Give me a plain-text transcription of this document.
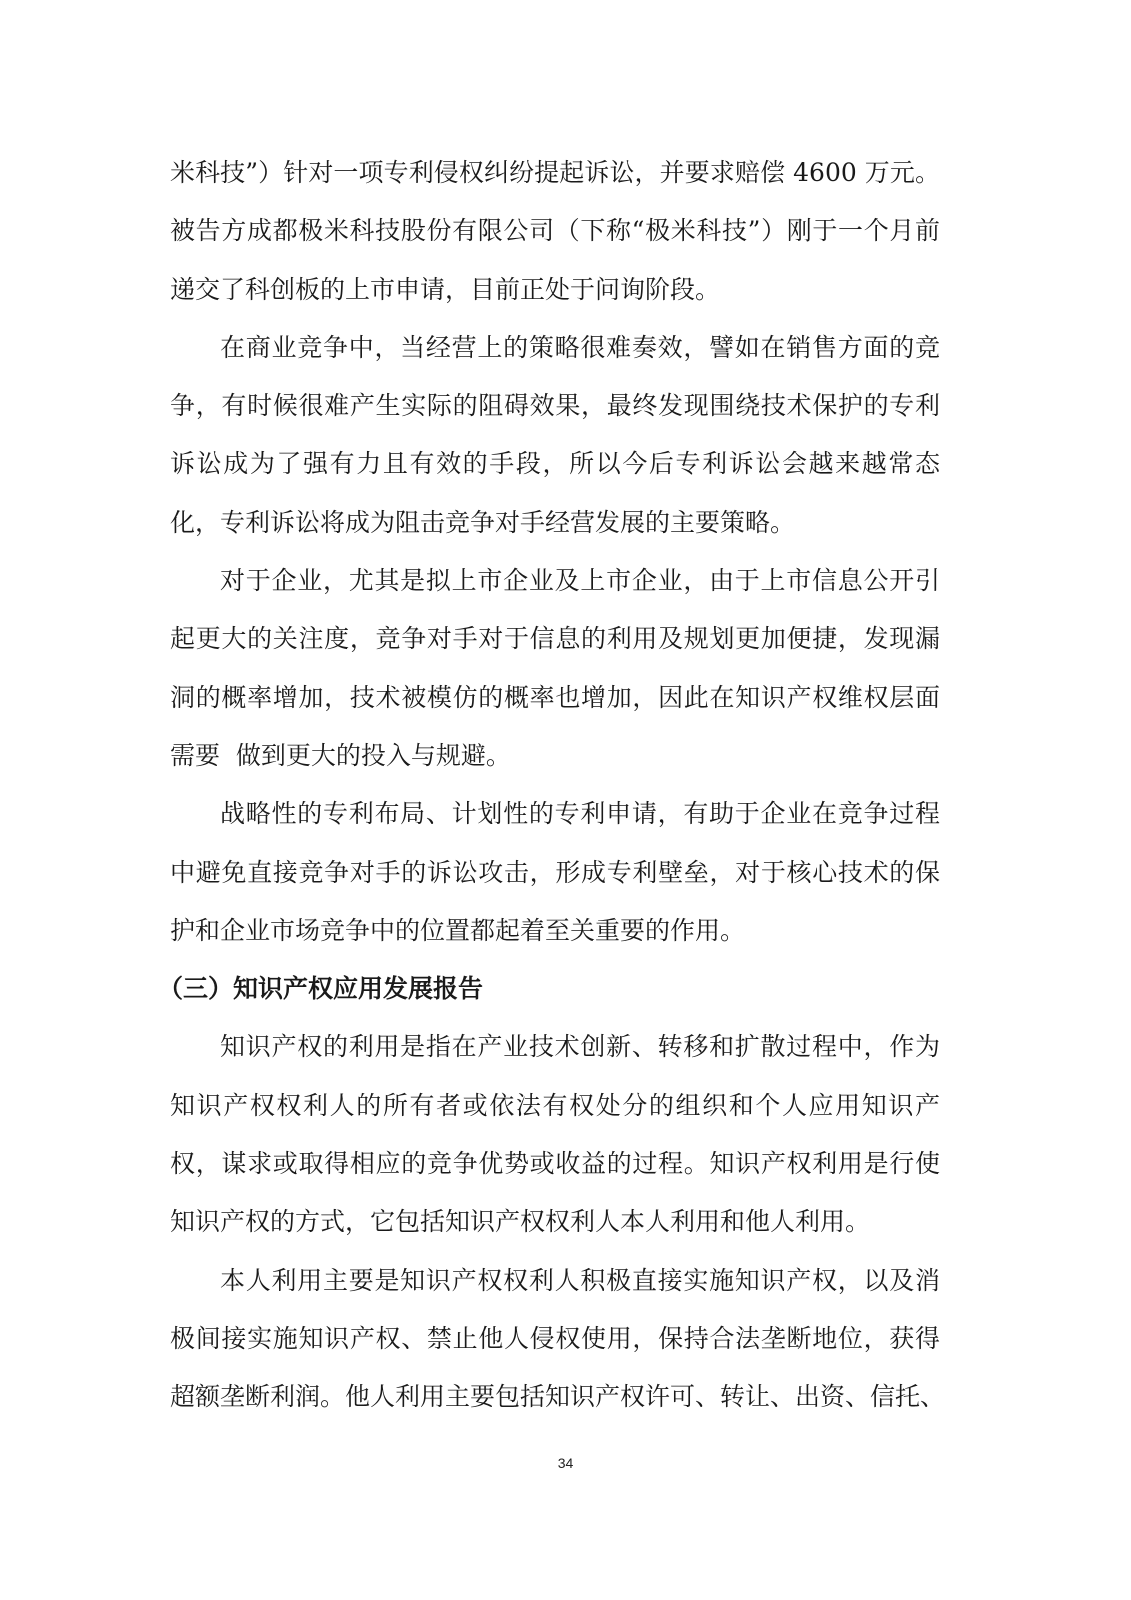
米科技”）针对一项专利侵权纠纷提起诉讼，并要求赔偿 4600 万元。
被告方成都极米科技股份有限公司（下称“极米科技”）刚于一个月前
递交了科创板的上市申请，目前正处于问询阶段。
在商业竞争中，当经营上的策略很难奏效，譬如在销售方面的竞
争，有时候很难产生实际的阻碍效果，最终发现围绕技术保护的专利
诉讼成为了强有力且有效的手段，所以今后专利诉讼会越来越常态
化，专利诉讼将成为阻击竞争对手经营发展的主要策略。
对于企业，尤其是拟上市企业及上市企业，由于上市信息公开引
起更大的关注度，竞争对手对于信息的利用及规划更加便捷，发现漏
洞的概率增加，技术被模仿的概率也增加，因此在知识产权维权层面
需要  做到更大的投入与规避。
战略性的专利布局、计划性的专利申请，有助于企业在竞争过程
中避免直接竞争对手的诉讼攻击，形成专利壁垒，对于核心技术的保
护和企业市场竞争中的位置都起着至关重要的作用。
（三）知识产权应用发展报告
知识产权的利用是指在产业技术创新、转移和扩散过程中，作为
知识产权权利人的所有者或依法有权处分的组织和个人应用知识产
权，谋求或取得相应的竞争优势或收益的过程。知识产权利用是行使
知识产权的方式，它包括知识产权权利人本人利用和他人利用。
本人利用主要是知识产权权利人积极直接实施知识产权，以及消
极间接实施知识产权、禁止他人侵权使用，保持合法垄断地位，获得
超额垄断利润。他人利用主要包括知识产权许可、转让、出资、信托、
34
